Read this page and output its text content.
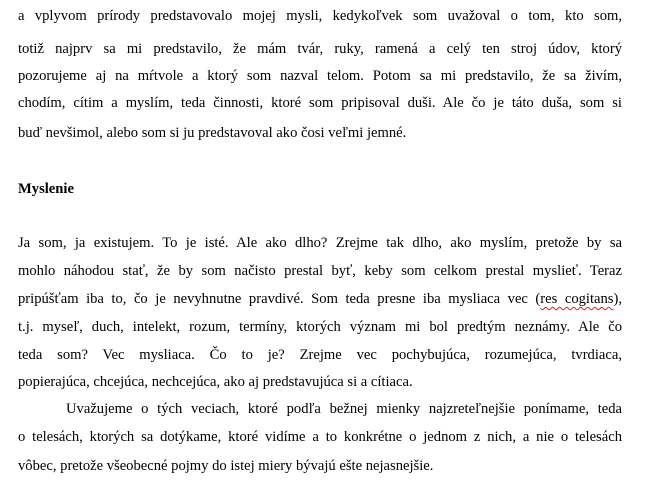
a vplyvom prírody predstavovalo mojej mysli, kedykoľvek som uvažoval o tom, kto som,
totiž najprv sa mi predstavilo, že mám tvár, ruky, ramená a celý ten stroj údov, ktorý
pozorujeme aj na mŕtvole a ktorý som nazval telom. Potom sa mi predstavilo, že sa živím,
chodím, cítim a myslím, teda činnosti, ktoré som pripisoval duši. Ale čo je táto duša, som si
buď nevšimol, alebo som si ju predstavoval ako čosi veľmi jemné.
Myslenie
Ja som, ja existujem. To je isté. Ale ako dlho? Zrejme tak dlho, ako myslím, pretože by sa
mohlo náhodou stať, že by som načisto prestal byť, keby som celkom prestal myslieť. Teraz
pripúšťam iba to, čo je nevyhnutne pravdivé. Som teda presne iba mysliaca vec (res cogitans),
t.j. myseľ, duch, intelekt, rozum, termíny, ktorých význam mi bol predtým neznámy. Ale čo
teda som? Vec mysliaca. Čo to je? Zrejme vec pochybujúca, rozumejúca, tvrdiaca,
popierajúca, chcejúca, nechcejúca, ako aj predstavujúca si a cítiaca.
Uvažujeme o tých veciach, ktoré podľa bežnej mienky najzreteľnejšie ponímame, teda
o telesách, ktorých sa dotýkame, ktoré vidíme a to konkrétne o jednom z nich, a nie o telesách
vôbec, pretože všeobecné pojmy do istej miery bývajú ešte nejasnejšie.
